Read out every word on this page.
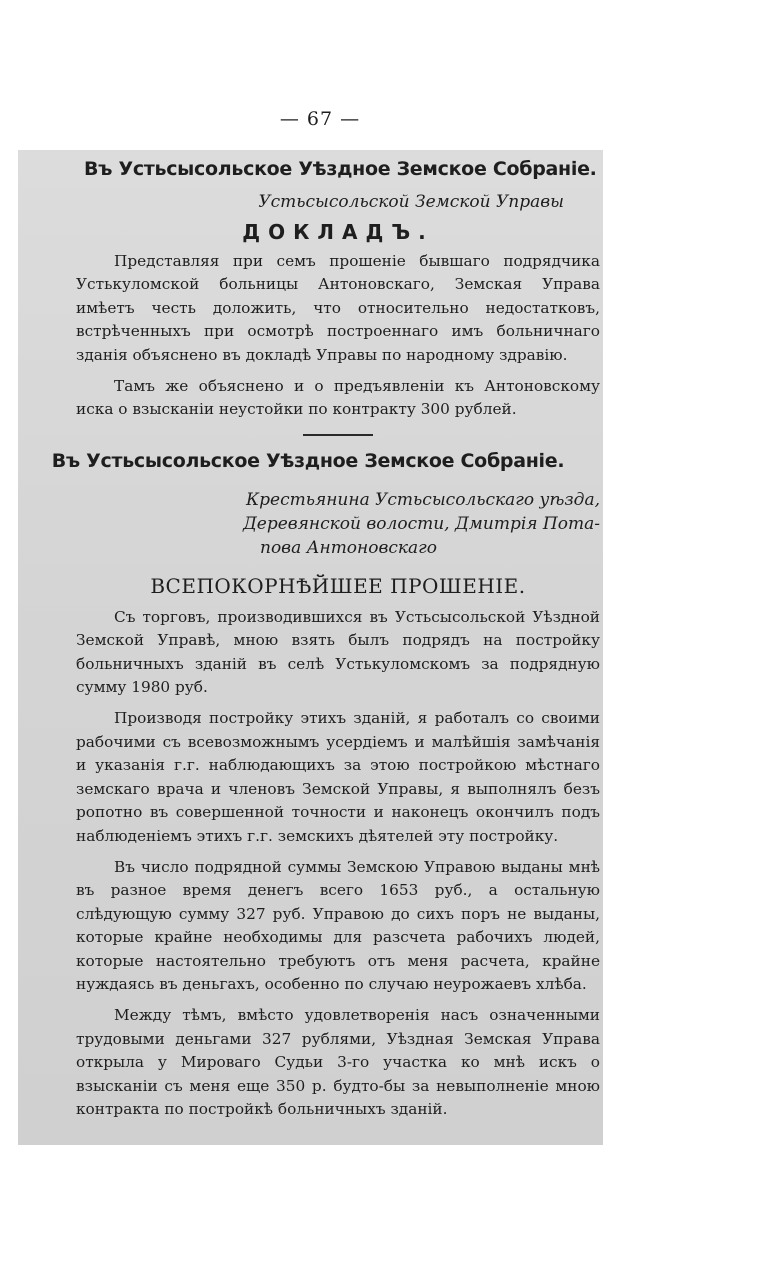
— 67 —
Въ Устьсысольское Уѣздное Земское Собраніе.
Устьсысольской Земской Управы
ДОКЛАДЪ.

Представляя при семъ прошеніе бывшаго подрядчика Устькуломской больницы Антоновскаго, Земская Управа имѣетъ честь доложить, что относительно недостатковъ, встрѣченныхъ при осмотрѣ построеннаго имъ больничнаго зданія объяснено въ докладѣ Управы по народному здравію.

Тамъ же объяснено и о предъявленіи къ Антоновскому иска о взысканіи неустойки по контракту 300 рублей.

Въ Устьсысольское Уѣздное Земское Собраніе.
Крестьянина Устьсысольскаго уѣзда,
Деревянской волости, Дмитрія Пота-
пова Антоновскаго
ВСЕПОКОРНѢЙШЕЕ ПРОШЕНІЕ.

Съ торговъ, производившихся въ Устьсысольской Уѣздной Земской Управѣ, мною взять былъ подрядъ на постройку больничныхъ зданій въ селѣ Устькуломскомъ за подрядную сумму 1980 руб.

Производя постройку этихъ зданій, я работалъ со своими рабочими съ всевозможнымъ усердіемъ и малѣйшія замѣчанія и указанія г.г. наблюдающихъ за этою постройкою мѣстнаго земскаго врача и членовъ Земской Управы, я выполнялъ безъ ропотно въ совершенной точности и наконецъ окончилъ подъ наблюденіемъ этихъ г.г. земскихъ дѣятелей эту постройку.

Въ число подрядной суммы Земскою Управою выданы мнѣ въ разное время денегъ всего 1653 руб., а остальную слѣдующую сумму 327 руб. Управою до сихъ поръ не выданы, которые крайне необходимы для разсчета рабочихъ людей, которые настоятельно требуютъ отъ меня расчета, крайне нуждаясь въ деньгахъ, особенно по случаю неурожаевъ хлѣба.

Между тѣмъ, вмѣсто удовлетворенія насъ означенными трудовыми деньгами 327 рублями, Уѣздная Земская Управа открыла у Мироваго Судьи 3-го участка ко мнѣ искъ о взысканіи съ меня еще 350 р. будто-бы за невыполненіе мною контракта по постройкѣ больничныхъ зданій.
